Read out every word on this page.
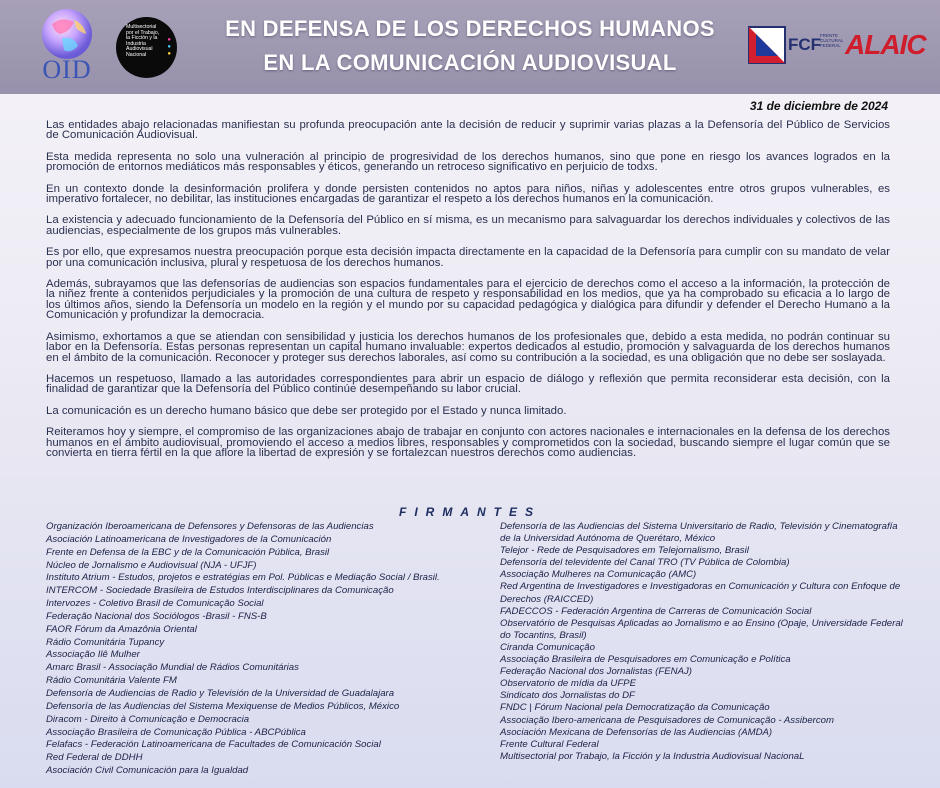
OID
Multisectorial por el Trabajo, la Ficción y la Industria Audiovisual Nacional
●
●
●
EN DEFENSA DE LOS DERECHOS HUMANOS
EN LA COMUNICACIÓN AUDIOVISUAL
FCF
FRENTE CULTURAL FEDERAL ALAIC
31 de diciembre de 2024

Las entidades abajo relacionadas manifiestan su profunda preocupación ante la decisión de reducir y suprimir varias plazas a la Defensoría del Público de Servicios de Comunicación Audiovisual.

Esta medida representa no solo una vulneración al principio de progresividad de los derechos humanos, sino que pone en riesgo los avances logrados en la promoción de entornos mediáticos más responsables y éticos, generando un retroceso significativo en perjuicio de todxs.

En un contexto donde la desinformación prolifera y donde persisten contenidos no aptos para niños, niñas y adolescentes entre otros grupos vulnerables, es imperativo fortalecer, no debilitar, las instituciones encargadas de garantizar el respeto a los derechos humanos en la comunicación.

La existencia y adecuado funcionamiento de la Defensoría del Público en sí misma, es un mecanismo para salvaguardar los derechos individuales y colectivos de las audiencias, especialmente de los grupos más vulnerables.

Es por ello, que expresamos nuestra preocupación porque esta decisión impacta directamente en la capacidad de la Defensoría para cumplir con su mandato de velar por una comunicación inclusiva, plural y respetuosa de los derechos humanos.

Además, subrayamos que las defensorías de audiencias son espacios fundamentales para el ejercicio de derechos como el acceso a la información, la protección de la niñez frente a contenidos perjudiciales y la promoción de una cultura de respeto y responsabilidad en los medios, que ya ha comprobado su eficacia a lo largo de los últimos años, siendo la Defensoría un modelo en la región y el mundo por su capacidad pedagógica y dialógica para difundir y defender el Derecho Humano a la Comunicación y profundizar la democracia.

Asimismo, exhortamos a que se atiendan con sensibilidad y justicia los derechos humanos de los profesionales que, debido a esta medida, no podrán continuar su labor en la Defensoría. Estas personas representan un capital humano invaluable: expertos dedicados al estudio, promoción y salvaguarda de los derechos humanos en el ámbito de la comunicación. Reconocer y proteger sus derechos laborales, así como su contribución a la sociedad, es una obligación que no debe ser soslayada.

Hacemos un respetuoso, llamado a las autoridades correspondientes para abrir un espacio de diálogo y reflexión que permita reconsiderar esta decisión, con la finalidad de garantizar que la Defensoría del Público continúe desempeñando su labor crucial.

La comunicación es un derecho humano básico que debe ser protegido por el Estado y nunca limitado.

Reiteramos hoy y siempre, el compromiso de las organizaciones abajo de trabajar en conjunto con actores nacionales e internacionales en la defensa de los derechos humanos en el ámbito audiovisual, promoviendo el acceso a medios libres, responsables y comprometidos con la sociedad, buscando siempre el lugar común que se convierta en tierra fértil en la que aflore la libertad de expresión y se fortalezcan nuestros derechos como audiencias.

FIRMANTES
Organización Iberoamericana de Defensores y Defensoras de las Audiencias
Asociación Latinoamericana de Investigadores de la Comunicación
Frente en Defensa de la EBC y de la Comunicación Pública, Brasil
Núcleo de Jornalismo e Audiovisual (NJA - UFJF)
Instituto Atrium - Estudos, projetos e estratégias em Pol. Públicas e Mediação Social / Brasil.
INTERCOM - Sociedade Brasileira de Estudos Interdisciplinares da Comunicação
Intervozes - Coletivo Brasil de Comunicação Social
Federação Nacional dos Sociólogos -Brasil - FNS-B
FAOR Fórum da Amazônia Oriental
Rádio Comunitária Tupancy
Associação Ilê Mulher
Amarc Brasil - Associação Mundial de Rádios Comunitárias
Rádio Comunitária Valente FM
Defensoría de Audiencias de Radio y Televisión de la Universidad de Guadalajara
Defensoría de las Audiencias del Sistema Mexiquense de Medios Públicos, México
Diracom - Direito à Comunicação e Democracia
Associação Brasileira de Comunicação Pública - ABCPública
Felafacs - Federación Latinoamericana de Facultades de Comunicación Social
Red Federal de DDHH
Asociación Civil Comunicación para la Igualdad
Defensoría de las Audiencias del Sistema Universitario de Radio, Televisión y Cinematografía de la Universidad Autónoma de Querétaro, México
Telejor - Rede de Pesquisadores em Telejornalismo, Brasil
Defensoría del televidente del Canal TRO (TV Pública de Colombia)
Associação Mulheres na Comunicação (AMC)
Red Argentina de Investigadores e Investigadoras en Comunicación y Cultura con Enfoque de Derechos (RAICCED)
FADECCOS - Federación Argentina de Carreras de Comunicación Social
Observatório de Pesquisas Aplicadas ao Jornalismo e ao Ensino (Opaje, Universidade Federal do Tocantins, Brasil)
Ciranda Comunicação
Associação Brasileira de Pesquisadores em Comunicação e Política
Federação Nacional dos Jornalistas (FENAJ)
Observatorio de mídia da UFPE
Sindicato dos Jornalistas do DF
FNDC | Fórum Nacional pela Democratização da Comunicação
Associação Ibero-americana de Pesquisadores de Comunicação - Assibercom
Asociación Mexicana de Defensorías de las Audiencias (AMDA)
Frente Cultural Federal
Multisectorial por Trabajo, la Ficción y la Industria Audiovisual NacionaL
